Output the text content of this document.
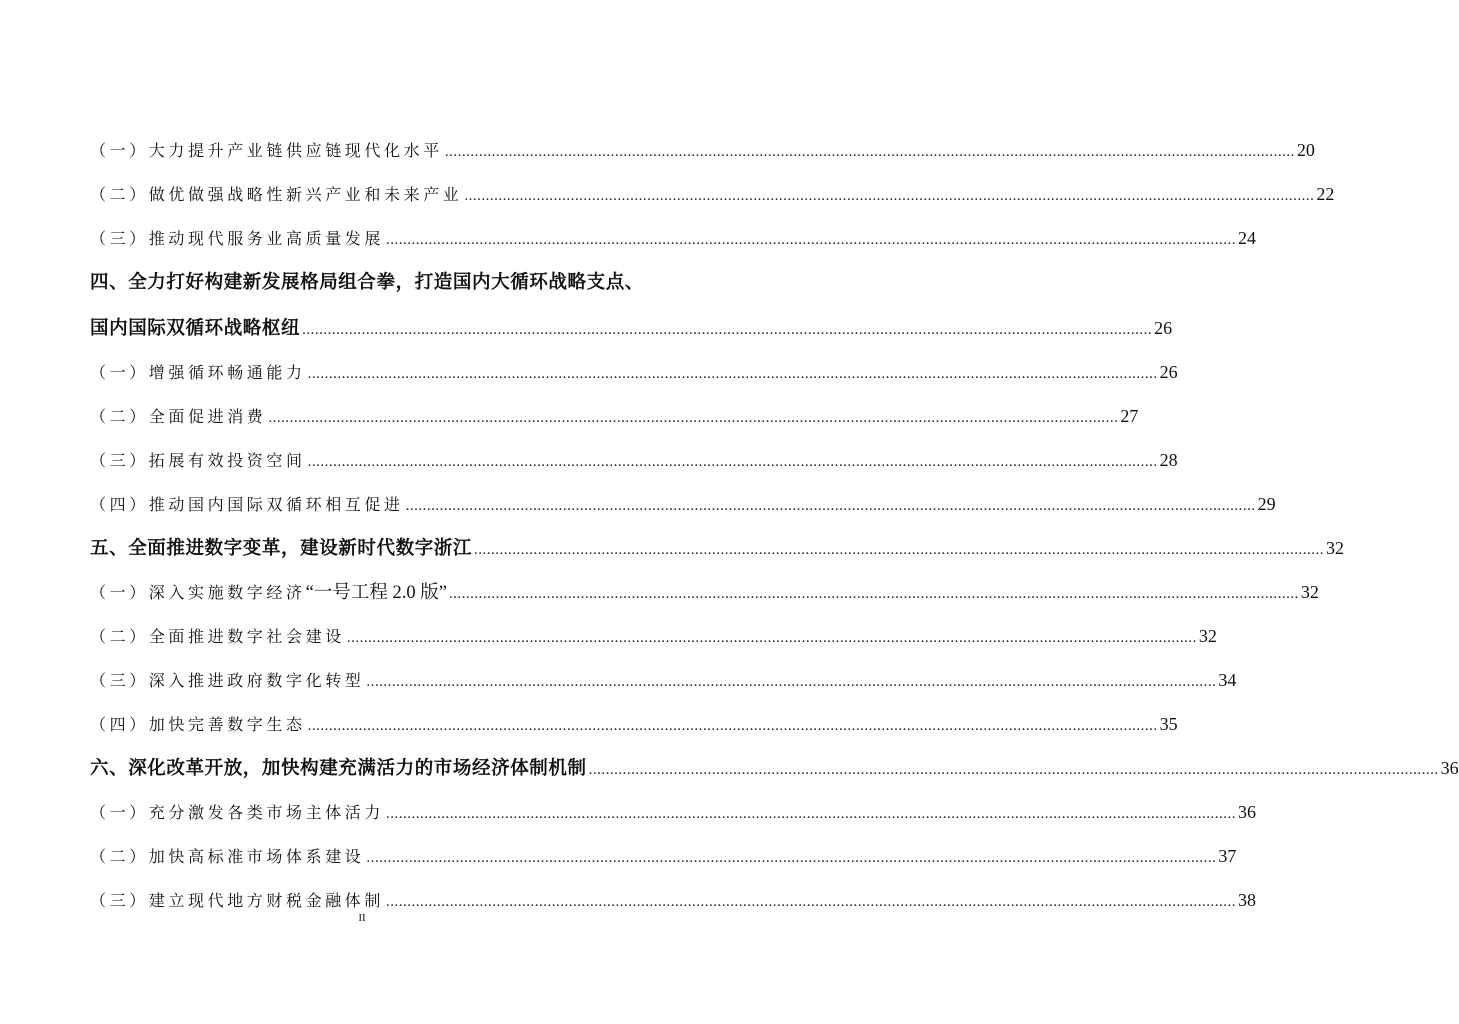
（一）大力提升产业链供应链现代化水平 ........................................................................................................................................................................................................ 20
（二）做优做强战略性新兴产业和未来产业 ........................................................................................................................................................................................................ 22
（三）推动现代服务业高质量发展 ........................................................................................................................................................................................................ 24
四、全力打好构建新发展格局组合拳，打造国内大循环战略支点、
国内国际双循环战略枢纽 ........................................................................................................................................................................................................ 26
（一）增强循环畅通能力 ........................................................................................................................................................................................................ 26
（二）全面促进消费 ........................................................................................................................................................................................................ 27
（三）拓展有效投资空间 ........................................................................................................................................................................................................ 28
（四）推动国内国际双循环相互促进 ........................................................................................................................................................................................................ 29
五、全面推进数字变革，建设新时代数字浙江 ........................................................................................................................................................................................................ 32
（一）深入实施数字经济 “一号工程 2.0 版” ........................................................................................................................................................................................................ 32
（二）全面推进数字社会建设 ........................................................................................................................................................................................................ 32
（三）深入推进政府数字化转型 ........................................................................................................................................................................................................ 34
（四）加快完善数字生态 ........................................................................................................................................................................................................ 35
六、深化改革开放，加快构建充满活力的市场经济体制机制 ........................................................................................................................................................................................................ 36
（一）充分激发各类市场主体活力 ........................................................................................................................................................................................................ 36
（二）加快高标准市场体系建设 ........................................................................................................................................................................................................ 37
（三）建立现代地方财税金融体制 ........................................................................................................................................................................................................ 38
II
